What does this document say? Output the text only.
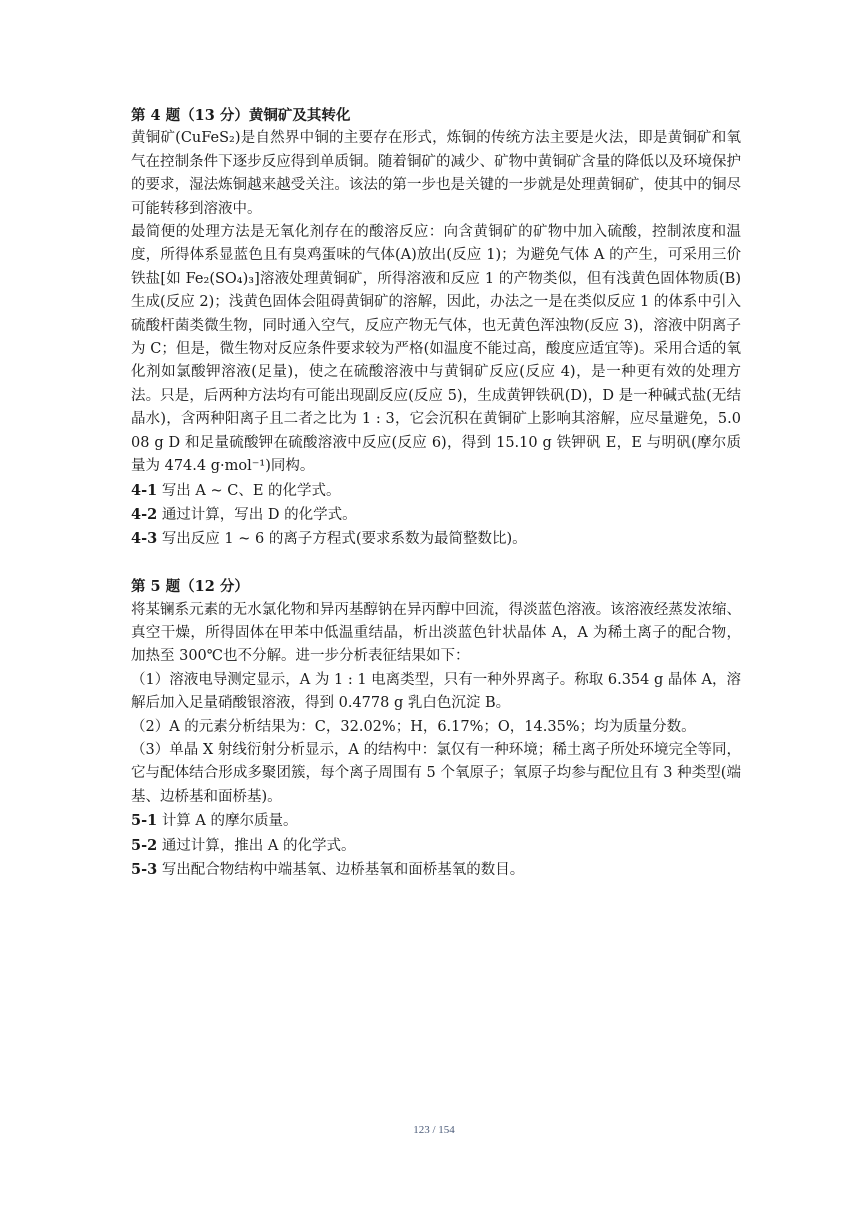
第 4 题（13 分）黄铜矿及其转化

黄铜矿(CuFeS₂)是自然界中铜的主要存在形式，炼铜的传统方法主要是火法，即是黄铜矿和氧气在控制条件下逐步反应得到单质铜。随着铜矿的减少、矿物中黄铜矿含量的降低以及环境保护的要求，湿法炼铜越来越受关注。该法的第一步也是关键的一步就是处理黄铜矿，使其中的铜尽可能转移到溶液中。

最简便的处理方法是无氧化剂存在的酸溶反应：向含黄铜矿的矿物中加入硫酸，控制浓度和温度，所得体系显蓝色且有臭鸡蛋味的气体(A)放出(反应 1)；为避免气体 A 的产生，可采用三价铁盐[如 Fe₂(SO₄)₃]溶液处理黄铜矿，所得溶液和反应 1 的产物类似，但有浅黄色固体物质(B)生成(反应 2)；浅黄色固体会阻碍黄铜矿的溶解，因此，办法之一是在类似反应 1 的体系中引入硫酸杆菌类微生物，同时通入空气，反应产物无气体，也无黄色浑浊物(反应 3)，溶液中阴离子为 C；但是，微生物对反应条件要求较为严格(如温度不能过高，酸度应适宜等)。采用合适的氧化剂如氯酸钾溶液(足量)，使之在硫酸溶液中与黄铜矿反应(反应 4)，是一种更有效的处理方法。只是，后两种方法均有可能出现副反应(反应 5)，生成黄钾铁矾(D)，D 是一种碱式盐(无结晶水)，含两种阳离子且二者之比为 1 : 3，它会沉积在黄铜矿上影响其溶解，应尽量避免，5.008 g D 和足量硫酸钾在硫酸溶液中反应(反应 6)，得到 15.10 g 铁钾矾 E，E 与明矾(摩尔质量为 474.4 g·mol⁻¹)同构。

4-1 写出 A ~ C、E 的化学式。

4-2 通过计算，写出 D 的化学式。

4-3 写出反应 1 ~ 6 的离子方程式(要求系数为最简整数比)。

第 5 题（12 分）

将某镧系元素的无水氯化物和异丙基醇钠在异丙醇中回流，得淡蓝色溶液。该溶液经蒸发浓缩、真空干燥，所得固体在甲苯中低温重结晶，析出淡蓝色针状晶体 A，A 为稀土离子的配合物，加热至 300℃也不分解。进一步分析表征结果如下：

（1）溶液电导测定显示，A 为 1 : 1 电离类型，只有一种外界离子。称取 6.354 g 晶体 A，溶解后加入足量硝酸银溶液，得到 0.4778 g 乳白色沉淀 B。

（2）A 的元素分析结果为：C，32.02%；H，6.17%；O，14.35%；均为质量分数。

（3）单晶 X 射线衍射分析显示，A 的结构中：氯仅有一种环境；稀土离子所处环境完全等同，它与配体结合形成多聚团簇，每个离子周围有 5 个氧原子；氧原子均参与配位且有 3 种类型(端基、边桥基和面桥基)。

5-1 计算 A 的摩尔质量。

5-2 通过计算，推出 A 的化学式。

5-3 写出配合物结构中端基氧、边桥基氧和面桥基氧的数目。

123 / 154
